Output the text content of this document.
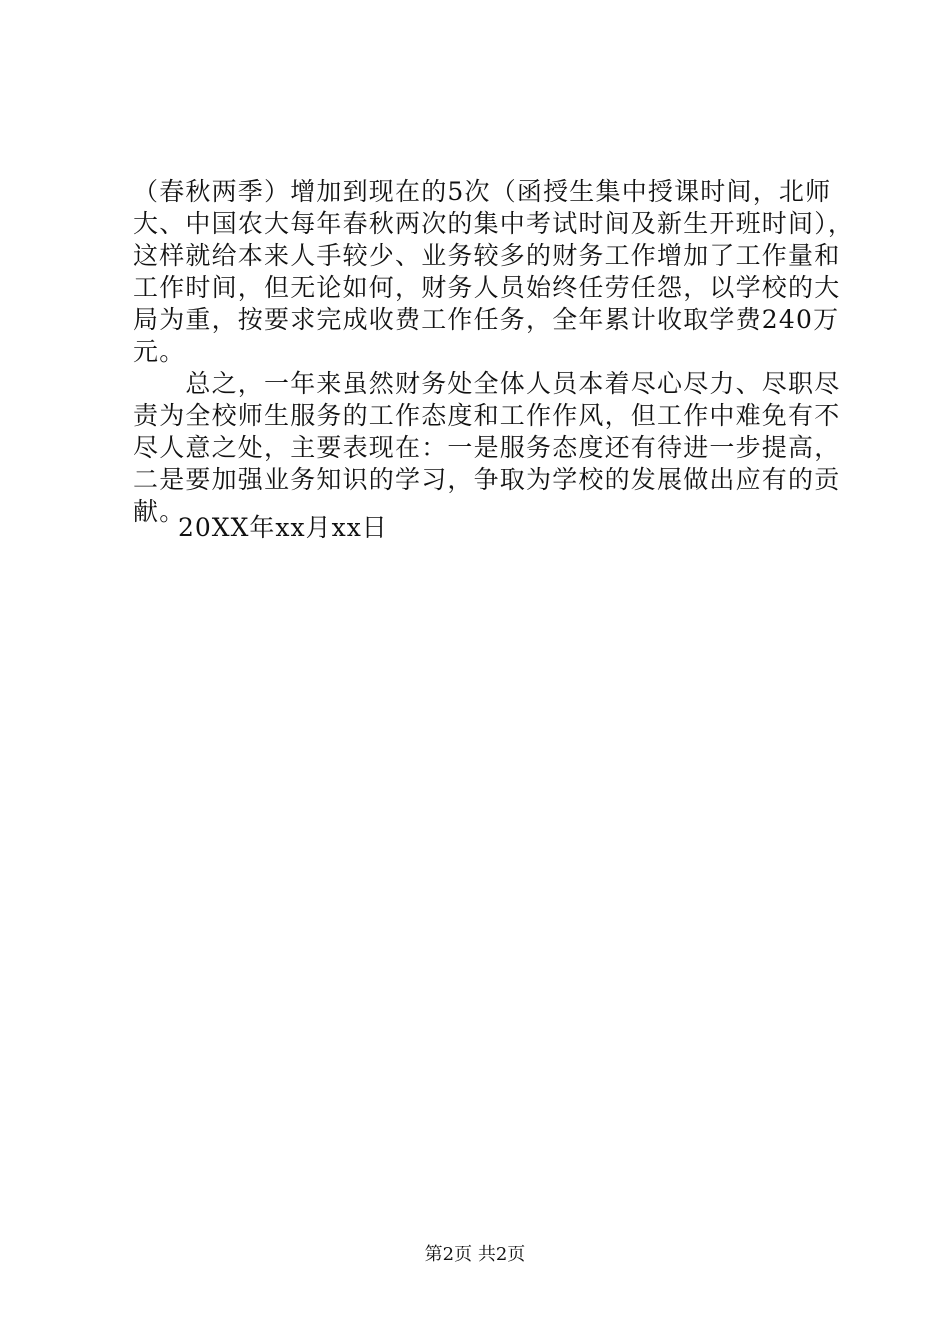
（春秋两季）增加到现在的5次（函授生集中授课时间，北师
大、中国农大每年春秋两次的集中考试时间及新生开班时间），
这样就给本来人手较少、业务较多的财务工作增加了工作量和
工作时间，但无论如何，财务人员始终任劳任怨，以学校的大
局为重，按要求完成收费工作任务，全年累计收取学费240万
元。
　　总之，一年来虽然财务处全体人员本着尽心尽力、尽职尽
责为全校师生服务的工作态度和工作作风，但工作中难免有不
尽人意之处，主要表现在：一是服务态度还有待进一步提高，
二是要加强业务知识的学习，争取为学校的发展做出应有的贡
献。
20XX年xx月xx日
第2页 共2页
